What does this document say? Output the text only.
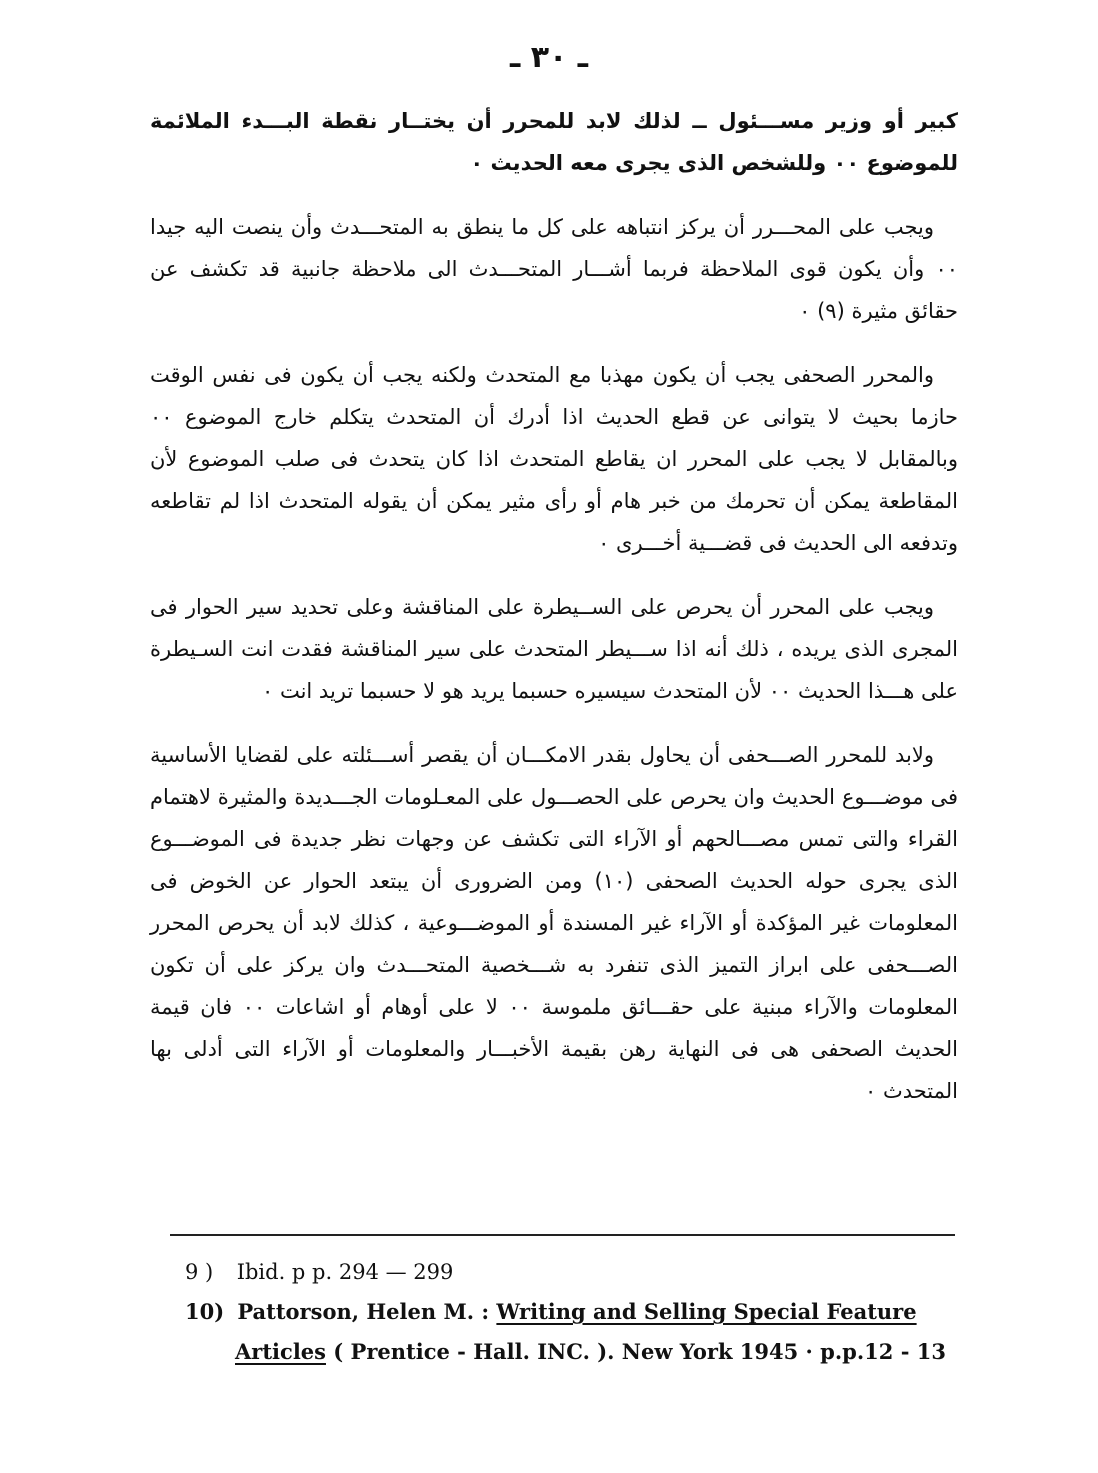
ـ ٣٠ ـ

كبير أو وزير مســـئول ــ لذلك لابد للمحرر أن يختــار نقطة البـــدء الملائمة للموضوع ٠٠ وللشخص الذى يجرى معه الحديث ٠

ويجب على المحـــرر أن يركز انتباهه على كل ما ينطق به المتحـــدث وأن ينصت اليه جيدا ٠٠ وأن يكون قوى الملاحظة فربما أشـــار المتحـــدث الى ملاحظة جانبية قد تكشف عن حقائق مثيرة (٩) ٠

والمحرر الصحفى يجب أن يكون مهذبا مع المتحدث ولكنه يجب أن يكون فى نفس الوقت حازما بحيث لا يتوانى عن قطع الحديث اذا أدرك أن المتحدث يتكلم خارج الموضوع ٠٠ وبالمقابل لا يجب على المحرر ان يقاطع المتحدث اذا كان يتحدث فى صلب الموضوع لأن المقاطعة يمكن أن تحرمك من خبر هام أو رأى مثير يمكن أن يقوله المتحدث اذا لم تقاطعه وتدفعه الى الحديث فى قضـــية أخـــرى ٠

ويجب على المحرر أن يحرص على الســيطرة على المناقشة وعلى تحديد سير الحوار فى المجرى الذى يريده ، ذلك أنه اذا ســـيطر المتحدث على سير المناقشة فقدت انت السـيطرة على هـــذا الحديث ٠٠ لأن المتحدث سيسيره حسبما يريد هو لا حسبما تريد انت ٠

ولابد للمحرر الصـــحفى أن يحاول بقدر الامكـــان أن يقصر أســـئلته على لقضايا الأساسية فى موضـــوع الحديث وان يحرص على الحصـــول على المعـلومات الجـــديدة والمثيرة لاهتمام القراء والتى تمس مصـــالحهم أو الآراء التى تكشف عن وجهات نظر جديدة فى الموضـــوع الذى يجرى حوله الحديث الصحفى (١٠) ومن الضرورى أن يبتعد الحوار عن الخوض فى المعلومات غير المؤكدة أو الآراء غير المسندة أو الموضـــوعية ، كذلك لابد أن يحرص المحرر الصـــحفى على ابراز التميز الذى تنفرد به شـــخصية المتحـــدث وان يركز على أن تكون المعلومات والآراء مبنية على حقـــائق ملموسة ٠٠ لا على أوهام أو اشاعات ٠٠ فان قيمة الحديث الصحفى هى فى النهاية رهن بقيمة الأخبـــار والمعلومات أو الآراء التى أدلى بها المتحدث ٠

9 ) Ibid. p p. 294 — 299
10) Pattorson, Helen M. : Writing and Selling Special Feature
Articles ( Prentice - Hall. INC. ). New York 1945 · p.p.12 - 13
